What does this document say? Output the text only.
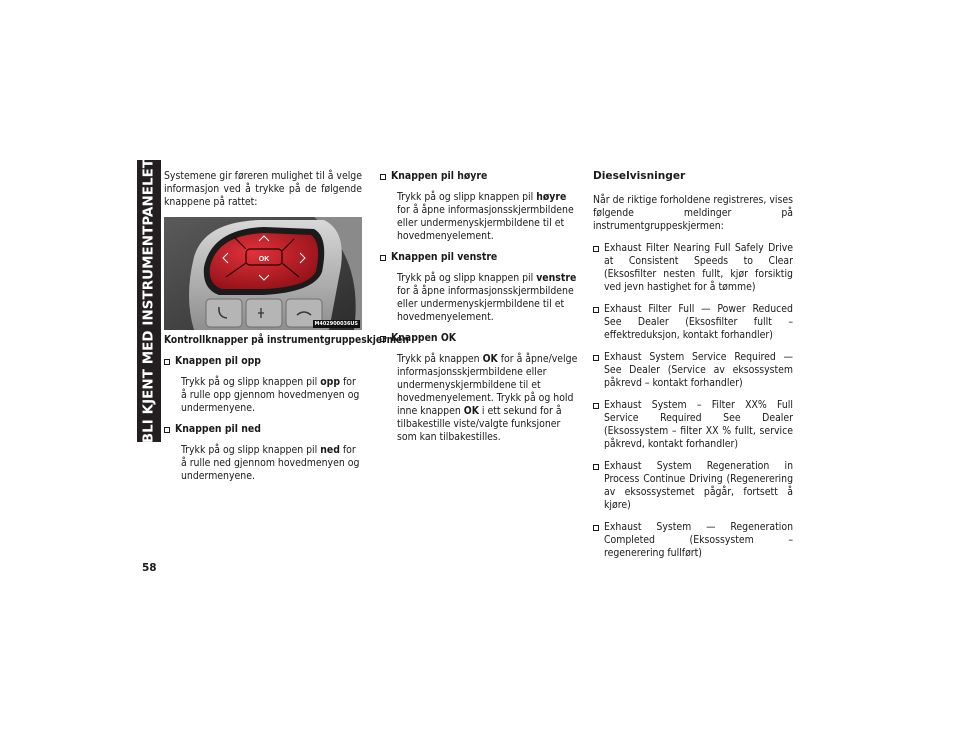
BLI KJENT MED INSTRUMENTPANELET
58

Systemene gir føreren mulighet til å velge informasjon ved å trykke på de følgende knappene på rattet:

OK
M402900036US
Kontrollknapper på instrumentgruppeskjermen
Knappen pil opp

Trykk på og slipp knappen pil opp for å rulle opp gjennom hovedmenyen og undermenyene.

Knappen pil ned

Trykk på og slipp knappen pil ned for å rulle ned gjennom hovedmenyen og undermenyene.

Knappen pil høyre

Trykk på og slipp knappen pil høyre for å åpne informasjonsskjermbildene eller undermenyskjermbildene til et hovedmenyelement.

Knappen pil venstre

Trykk på og slipp knappen pil venstre for å åpne informasjonsskjermbildene eller undermenyskjermbildene til et hovedmenyelement.

Knappen OK

Trykk på knappen OK for å åpne/velge informasjonsskjermbildene eller undermenyskjermbildene til et hovedmenyelement. Trykk på og hold inne knappen OK i ett sekund for å tilbakestille viste/valgte funksjoner som kan tilbakestilles.

Dieselvisninger

Når de riktige forholdene registreres, vises følgende meldinger på instrumentgruppeskjermen:

Exhaust Filter Nearing Full Safely Drive at Consistent Speeds to Clear (Eksosfilter nesten fullt, kjør forsiktig ved jevn hastighet for å tømme)
Exhaust Filter Full — Power Reduced See Dealer (Eksosfilter fullt – effektreduksjon, kontakt forhandler)
Exhaust System Service Required — See Dealer (Service av eksossystem påkrevd – kontakt forhandler)
Exhaust System – Filter XX% Full Service Required See Dealer (Eksossystem – filter XX % fullt, service påkrevd, kontakt forhandler)
Exhaust System Regeneration in Process Continue Driving (Regenerering av eksossystemet pågår, fortsett å kjøre)
Exhaust System — Regeneration Completed (Eksossystem – regenerering fullført)
